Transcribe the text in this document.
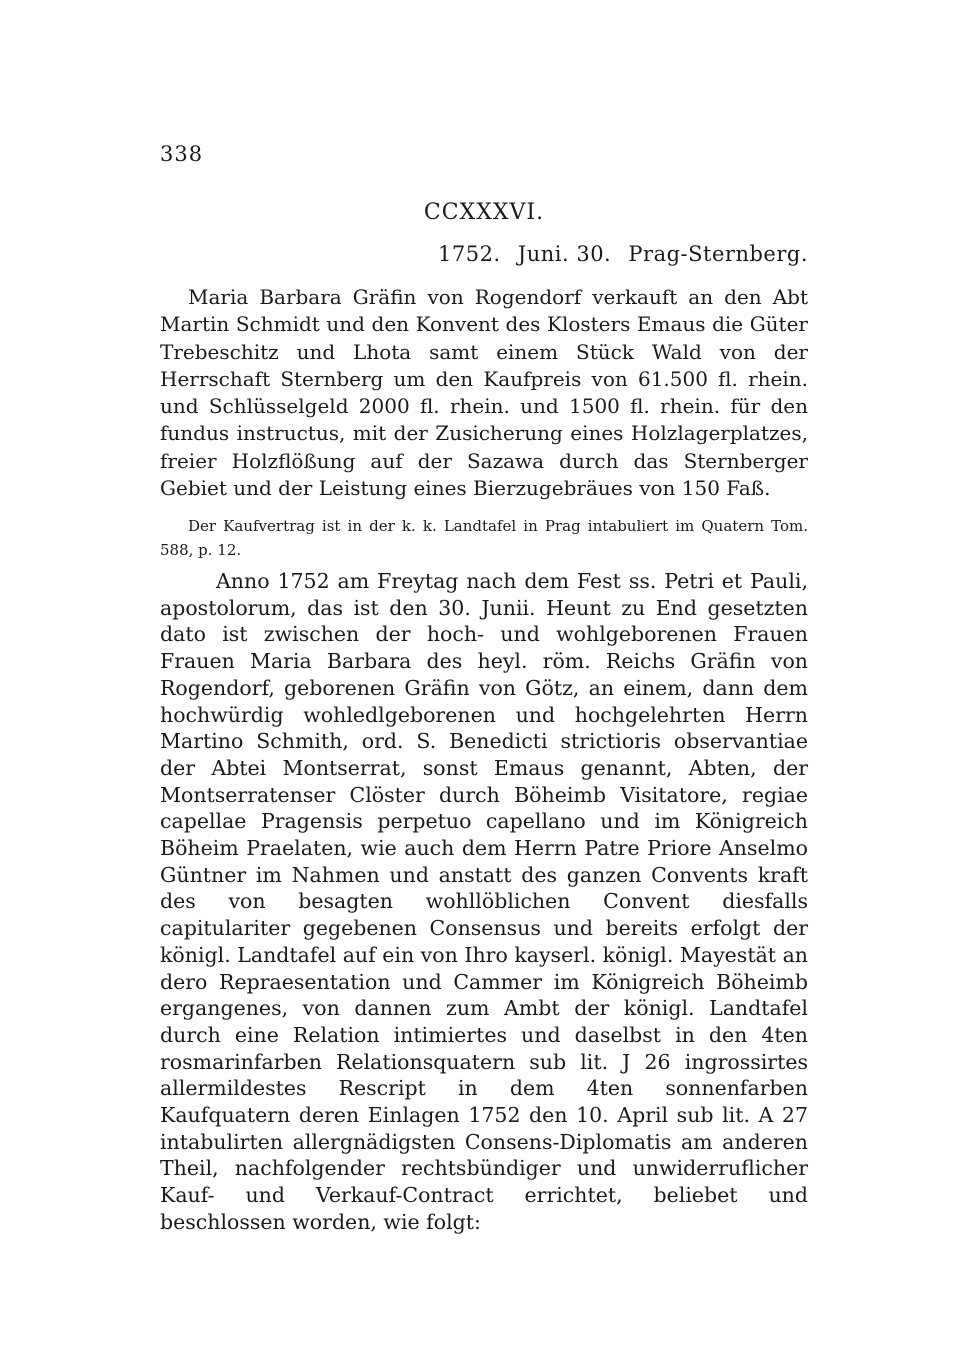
338
CCXXXVI.
1752. Juni. 30. Prag-Sternberg.

Maria Barbara Gräfin von Rogendorf verkauft an den Abt Martin Schmidt und den Konvent des Klosters Emaus die Güter Trebeschitz und Lhota samt einem Stück Wald von der Herrschaft Sternberg um den Kaufpreis von 61.500 fl. rhein. und Schlüsselgeld 2000 fl. rhein. und 1500 fl. rhein. für den fundus instructus, mit der Zusicherung eines Holzlagerplatzes, freier Holzflößung auf der Sazawa durch das Sternberger Gebiet und der Leistung eines Bierzugebräues von 150 Faß.

Der Kaufvertrag ist in der k. k. Landtafel in Prag intabuliert im Quatern Tom. 588, p. 12.

Anno 1752 am Freytag nach dem Fest ss. Petri et Pauli, apostolorum, das ist den 30. Junii. Heunt zu End gesetzten dato ist zwischen der hoch- und wohlgeborenen Frauen Frauen Maria Barbara des heyl. röm. Reichs Gräfin von Rogendorf, geborenen Gräfin von Götz, an einem, dann dem hochwürdig wohledlgeborenen und hochgelehrten Herrn Martino Schmith, ord. S. Benedicti strictioris observantiae der Abtei Montserrat, sonst Emaus genannt, Abten, der Montserratenser Clöster durch Böheimb Visitatore, regiae capellae Pragensis perpetuo capellano und im Königreich Böheim Praelaten, wie auch dem Herrn Patre Priore Anselmo Güntner im Nahmen und anstatt des ganzen Convents kraft des von besagten wohllöblichen Convent diesfalls capitulariter gegebenen Consensus und bereits erfolgt der königl. Landtafel auf ein von Ihro kayserl. königl. Mayestät an dero Repraesentation und Cammer im Königreich Böheimb ergangenes, von dannen zum Ambt der königl. Landtafel durch eine Relation intimiertes und daselbst in den 4ten rosmarinfarben Relationsquatern sub lit. J 26 ingrossirtes allermildestes Rescript in dem 4ten sonnenfarben Kaufquatern deren Einlagen 1752 den 10. April sub lit. A 27 intabulirten allergnädigsten Consens-Diplomatis am anderen Theil, nachfolgender rechtsbündiger und unwiderruflicher Kauf- und Verkauf-Contract errichtet, beliebet und beschlossen worden, wie folgt:
